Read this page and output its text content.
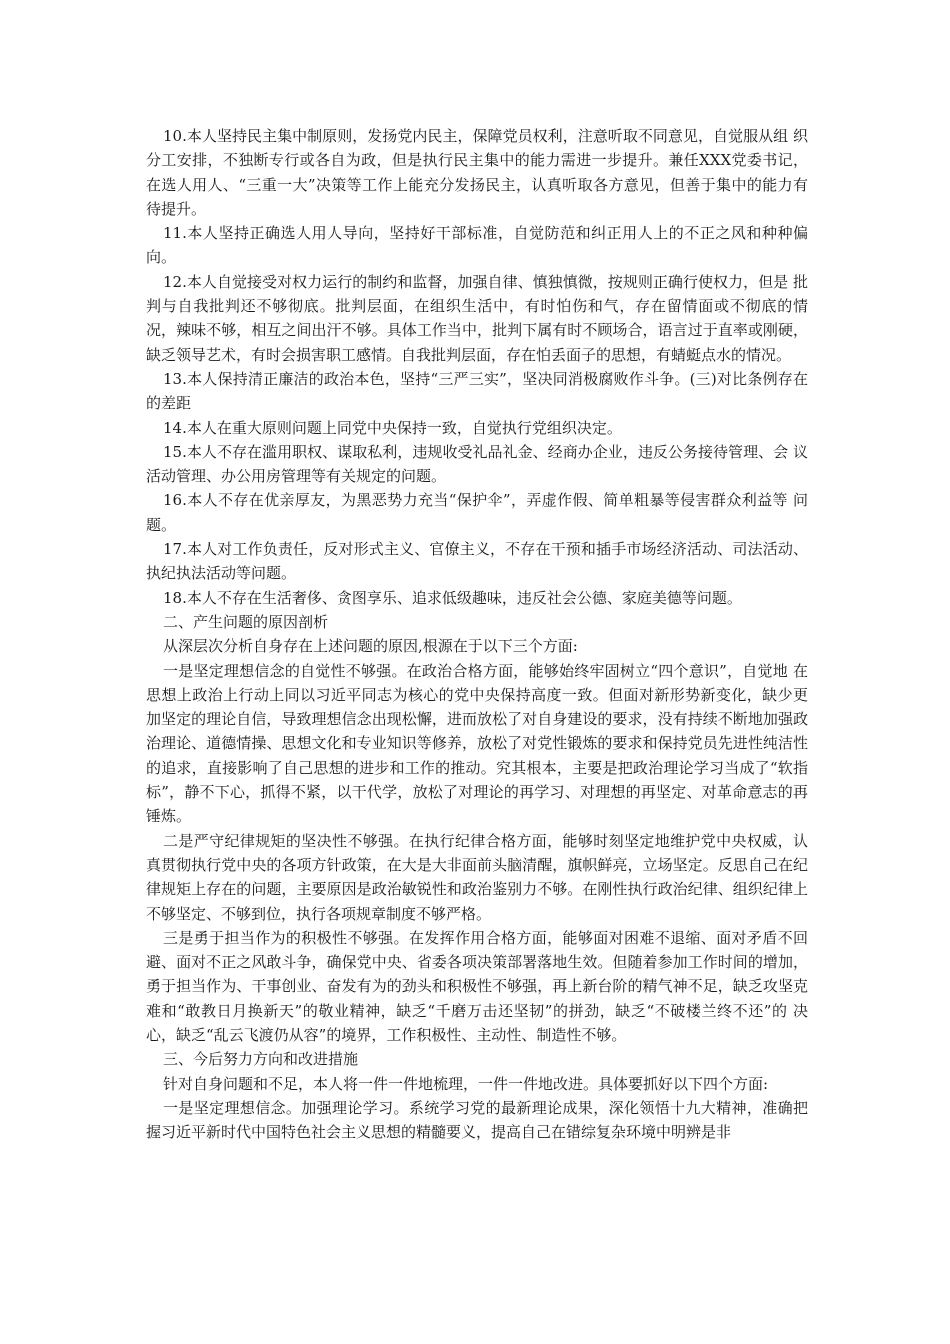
10.本人坚持民主集中制原则，发扬党内民主，保障党员权利，注意听取不同意见，自觉服从组 织分工安排，不独断专行或各自为政，但是执行民主集中的能力需进一步提升。兼任XXX党委书记， 在选人用人、“三重一大”决策等工作上能充分发扬民主，认真听取各方意见，但善于集中的能力有 待提升。

11.本人坚持正确选人用人导向，坚持好干部标准，自觉防范和纠正用人上的不正之风和种种偏 向。

12.本人自觉接受对权力运行的制约和监督，加强自律、慎独慎微，按规则正确行使权力，但是 批判与自我批判还不够彻底。批判层面，在组织生活中，有时怕伤和气，存在留情面或不彻底的情 况，辣味不够，相互之间出汗不够。具体工作当中，批判下属有时不顾场合，语言过于直率或刚硬， 缺乏领导艺术，有时会损害职工感情。自我批判层面，存在怕丢面子的思想，有蜻蜓点水的情况。

13.本人保持清正廉洁的政治本色，坚持“三严三实”，坚决同消极腐败作斗争。(三)对比条例存在的差距

14.本人在重大原则问题上同党中央保持一致，自觉执行党组织决定。

15.本人不存在滥用职权、谋取私利，违规收受礼品礼金、经商办企业，违反公务接待管理、会 议活动管理、办公用房管理等有关规定的问题。

16.本人不存在优亲厚友，为黑恶势力充当“保护伞”，弄虚作假、简单粗暴等侵害群众利益等 问题。

17.本人对工作负责任，反对形式主义、官僚主义，不存在干预和插手市场经济活动、司法活动、执纪执法活动等问题。

18.本人不存在生活奢侈、贪图享乐、追求低级趣味，违反社会公德、家庭美德等问题。

二、产生问题的原因剖析

从深层次分析自身存在上述问题的原因,根源在于以下三个方面:

一是坚定理想信念的自觉性不够强。在政治合格方面，能够始终牢固树立“四个意识”，自觉地 在思想上政治上行动上同以习近平同志为核心的党中央保持高度一致。但面对新形势新变化，缺少更 加坚定的理论自信，导致理想信念出现松懈，进而放松了对自身建设的要求，没有持续不断地加强政 治理论、道德情操、思想文化和专业知识等修养，放松了对党性锻炼的要求和保持党员先进性纯洁性 的追求，直接影响了自己思想的进步和工作的推动。究其根本，主要是把政治理论学习当成了“软指 标”，静不下心，抓得不紧，以干代学，放松了对理论的再学习、对理想的再坚定、对革命意志的再 锤炼。

二是严守纪律规矩的坚决性不够强。在执行纪律合格方面，能够时刻坚定地维护党中央权威，认 真贯彻执行党中央的各项方针政策，在大是大非面前头脑清醒，旗帜鲜亮，立场坚定。反思自己在纪 律规矩上存在的问题，主要原因是政治敏锐性和政治鉴别力不够。在刚性执行政治纪律、组织纪律上 不够坚定、不够到位，执行各项规章制度不够严格。

三是勇于担当作为的积极性不够强。在发挥作用合格方面，能够面对困难不退缩、面对矛盾不回 避、面对不正之风敢斗争，确保党中央、省委各项决策部署落地生效。但随着参加工作时间的增加， 勇于担当作为、干事创业、奋发有为的劲头和积极性不够强，再上新台阶的精气神不足，缺乏攻坚克 难和“敢教日月换新天”的敬业精神，缺乏“千磨万击还坚韧”的拼劲，缺乏“不破楼兰终不还”的 决心，缺乏“乱云飞渡仍从容”的境界，工作积极性、主动性、制造性不够。

三、今后努力方向和改进措施

针对自身问题和不足，本人将一件一件地梳理，一件一件地改进。具体要抓好以下四个方面:

一是坚定理想信念。加强理论学习。系统学习党的最新理论成果，深化领悟十九大精神，准确把 握习近平新时代中国特色社会主义思想的精髓要义，提高自己在错综复杂环境中明辨是非
